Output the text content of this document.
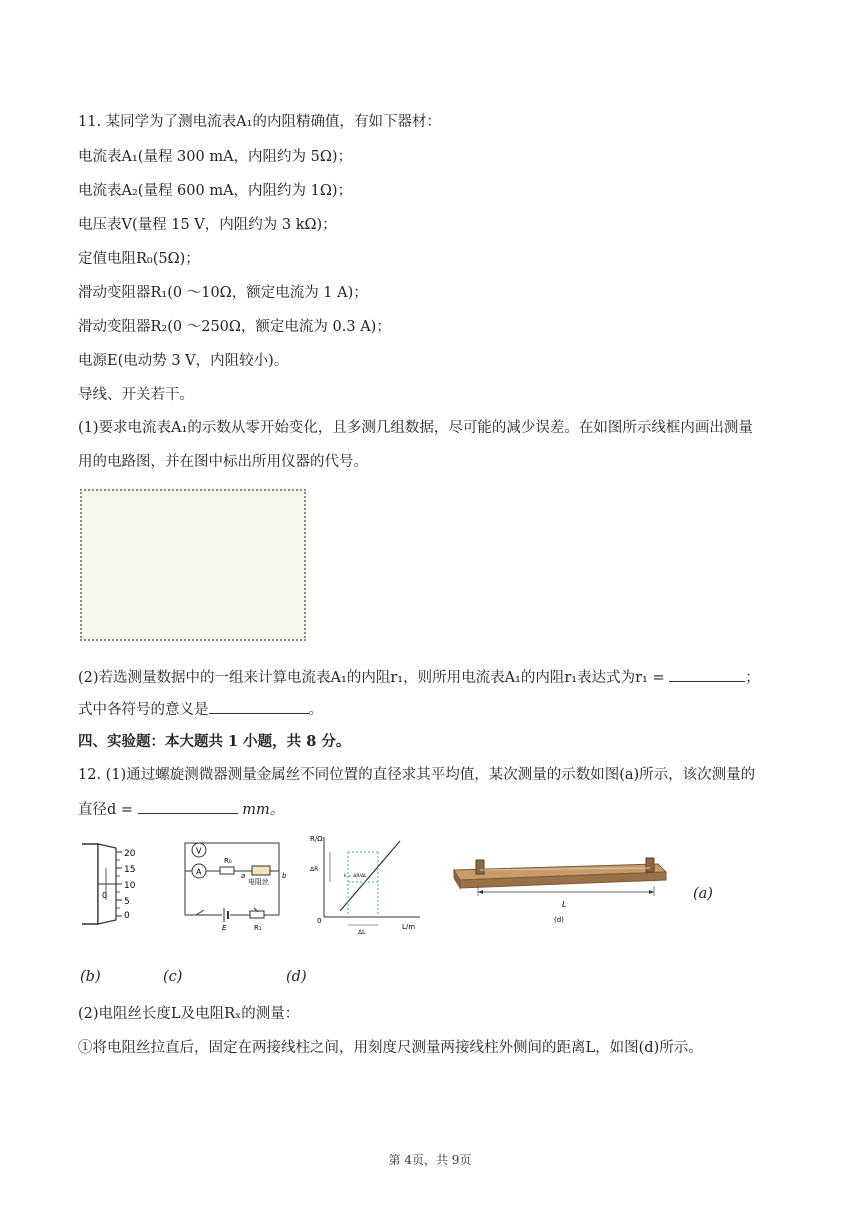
11. 某同学为了测电流表A₁的内阻精确值，有如下器材：
电流表A₁(量程 300 mA，内阻约为 5Ω)；
电流表A₂(量程 600 mA，内阻约为 1Ω)；
电压表V(量程 15 V，内阻约为 3 kΩ)；
定值电阻R₀(5Ω)；
滑动变阻器R₁(0 ～10Ω，额定电流为 1 A)；
滑动变阻器R₂(0 ～250Ω，额定电流为 0.3 A)；
电源E(电动势 3 V，内阻较小)。
导线、开关若干。
(1)要求电流表A₁的示数从零开始变化，且多测几组数据，尽可能的减少误差。在如图所示线框内画出测量
用的电路图，并在图中标出所用仪器的代号。
(2)若选测量数据中的一组来计算电流表A₁的内阻r₁，则所用电流表A₁的内阻r₁表达式为r₁ =	；
式中各符号的意义是	。
四、实验题：本大题共 1 小题，共 8 分。
12. (1)通过螺旋测微器测量金属丝不同位置的直径求其平均值，某次测量的示数如图(a)所示，该次测量的
直径d =	mm。
20
15
10
5
0
0
V
A
R₀
电阻丝
a	b
E	R₁
R/Ω
L/m
0
ΔR
ΔL
k = ΔR/ΔL
L
(d)
(a)
(b)	(c)	(d)
(2)电阻丝长度L及电阻Rₓ的测量：
①将电阻丝拉直后，固定在两接线柱之间，用刻度尺测量两接线柱外侧间的距离L，如图(d)所示。
第 4页，共 9页
